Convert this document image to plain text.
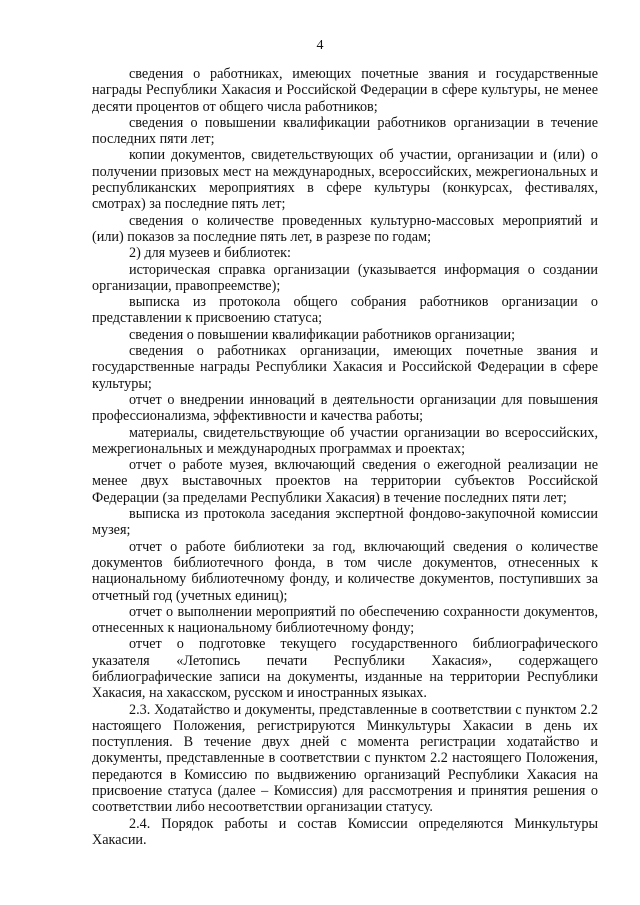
4

сведения о работниках, имеющих почетные звания и государственные награды Республики Хакасия и Российской Федерации в сфере культуры, не менее десяти процентов от общего числа работников;

сведения о повышении квалификации работников организации в течение последних пяти лет;

копии документов, свидетельствующих об участии, организации и (или) о получении призовых мест на международных, всероссийских, межрегиональных и республиканских мероприятиях в сфере культуры (конкурсах, фестивалях, смотрах) за последние пять лет;

сведения о количестве проведенных культурно-массовых мероприятий и (или) показов за последние пять лет, в разрезе по годам;

2) для музеев и библиотек:

историческая справка организации (указывается информация о создании организации, правопреемстве);

выписка из протокола общего собрания работников организации о представлении к присвоению статуса;

сведения о повышении квалификации работников организации;

сведения о работниках организации, имеющих почетные звания и государственные награды Республики Хакасия и Российской Федерации в сфере культуры;

отчет о внедрении инноваций в деятельности организации для повышения профессионализма, эффективности и качества работы;

материалы, свидетельствующие об участии организации во всероссийских, межрегиональных и международных программах и проектах;

отчет о работе музея, включающий сведения о ежегодной реализации не менее двух выставочных проектов на территории субъектов Российской Федерации (за пределами Республики Хакасия) в течение последних пяти лет;

выписка из протокола заседания экспертной фондово-закупочной комиссии музея;

отчет о работе библиотеки за год, включающий сведения о количестве документов библиотечного фонда, в том числе документов, отнесенных к национальному библиотечному фонду, и количестве документов, поступивших за отчетный год (учетных единиц);

отчет о выполнении мероприятий по обеспечению сохранности документов, отнесенных к национальному библиотечному фонду;

отчет о подготовке текущего государственного библиографического указателя «Летопись печати Республики Хакасия», содержащего библиографические записи на документы, изданные на территории Республики Хакасия, на хакасском, русском и иностранных языках.

2.3. Ходатайство и документы, представленные в соответствии с пунктом 2.2 настоящего Положения, регистрируются Минкультуры Хакасии в день их поступления. В течение двух дней с момента регистрации ходатайство и документы, представленные в соответствии с пунктом 2.2 настоящего Положения, передаются в Комиссию по выдвижению организаций Республики Хакасия на присвоение статуса (далее – Комиссия) для рассмотрения и принятия решения о соответствии либо несоответствии организации статусу.

2.4. Порядок работы и состав Комиссии определяются Минкультуры Хакасии.
